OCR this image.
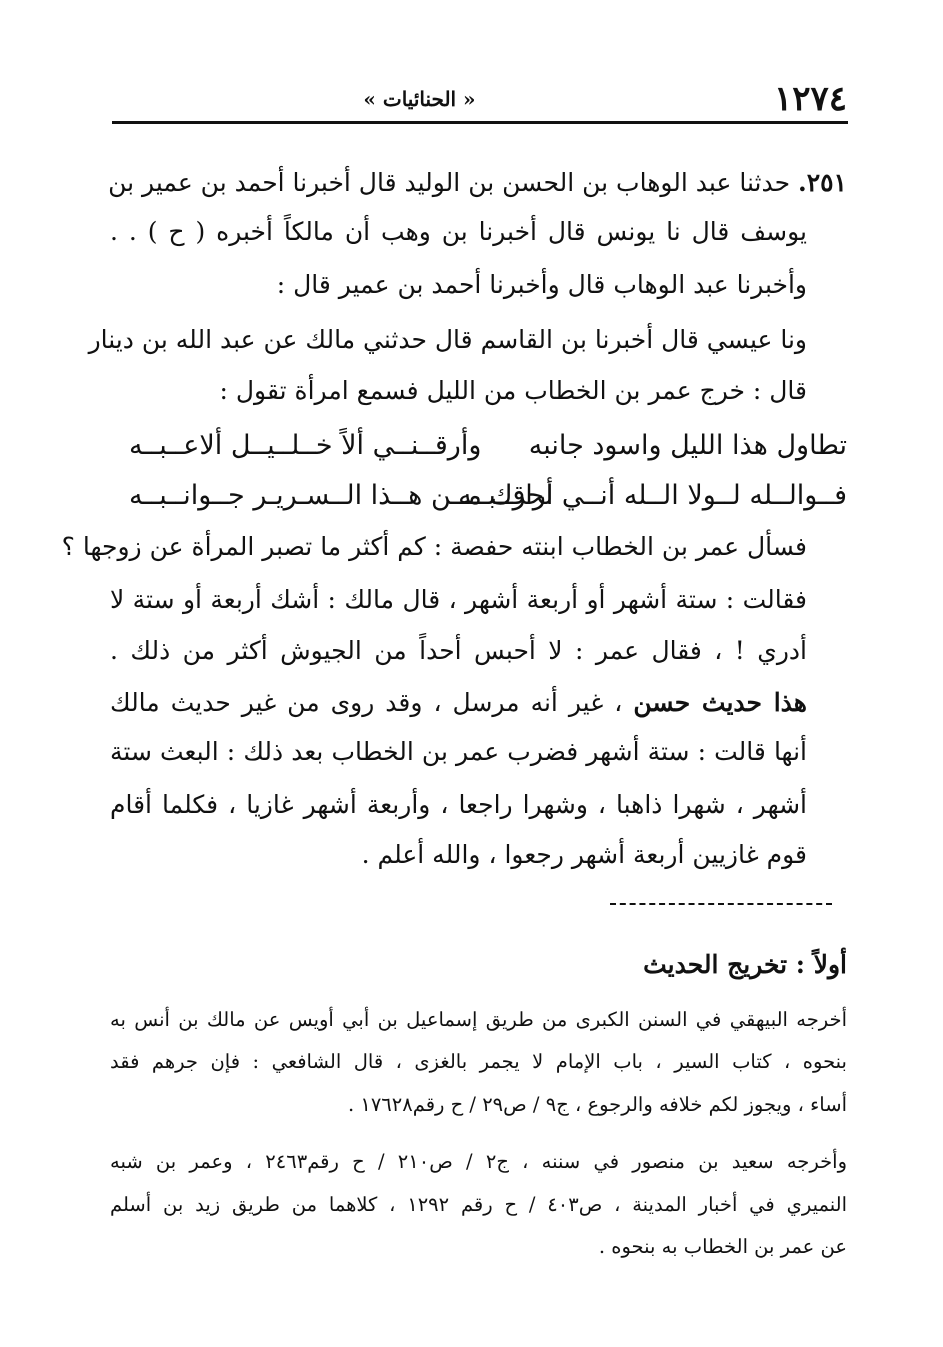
١٢٧٤
« الحنائيات »
٢٥١. حدثنا عبد الوهاب بن الحسن بن الوليد قال أخبرنا أحمد بن عمير بن
يوسف قال نا يونس قال أخبرنا بن وهب أن مالكاً أخبره ( ح ) . .
وأخبرنا عبد الوهاب قال وأخبرنا أحمد بن عمير قال :
ونا عيسي قال أخبرنا بن القاسم قال حدثني مالك عن عبد الله بن دينار
قال : خرج عمر بن الخطاب من الليل فسمع امرأة تقول :
تطاول هذا الليل واسود جانبه
وأرقــنــي ألاً خــلــيــل ألاعــبــه
فــوالــله لــولا الــله أنــي أراقــبــه
لحرك مــن هــذا الــسـريـر جــوانــبــه
فسأل عمر بن الخطاب ابنته حفصة : كم أكثر ما تصبر المرأة عن زوجها ؟
فقالت : ستة أشهر أو أربعة أشهر ، قال مالك : أشك أربعة أو ستة لا
أدري ! ، فقال عمر : لا أحبس أحداً من الجيوش أكثر من ذلك .
هذا حديث حسن ، غير أنه مرسل ، وقد روى من غير حديث مالك
أنها قالت : ستة أشهر فضرب عمر بن الخطاب بعد ذلك : البعث ستة
أشهر ، شهرا ذاهبا ، وشهرا راجعا ، وأربعة أشهر غازيا ، فكلما أقام
قوم غازيين أربعة أشهر رجعوا ، والله أعلم .
أولاً : تخريج الحديث
أخرجه البيهقي في السنن الكبرى من طريق إسماعيل بن أبي أويس عن مالك بن أنس به
بنحوه ، كتاب السير ، باب الإمام لا يجمر بالغزى ، قال الشافعي : فإن جرهم فقد
أساء ، ويجوز لكم خلافه والرجوع ، ج٩ / ص٢٩ / ح رقم١٧٦٢٨ .
وأخرجه سعيد بن منصور في سننه ، ج٢ / ص٢١٠ / ح رقم٢٤٦٣ ، وعمر بن شبه
النميري في أخبار المدينة ، ص٤٠٣ / ح رقم ١٢٩٢ ، كلاهما من طريق زيد بن أسلم
عن عمر بن الخطاب به بنحوه .
